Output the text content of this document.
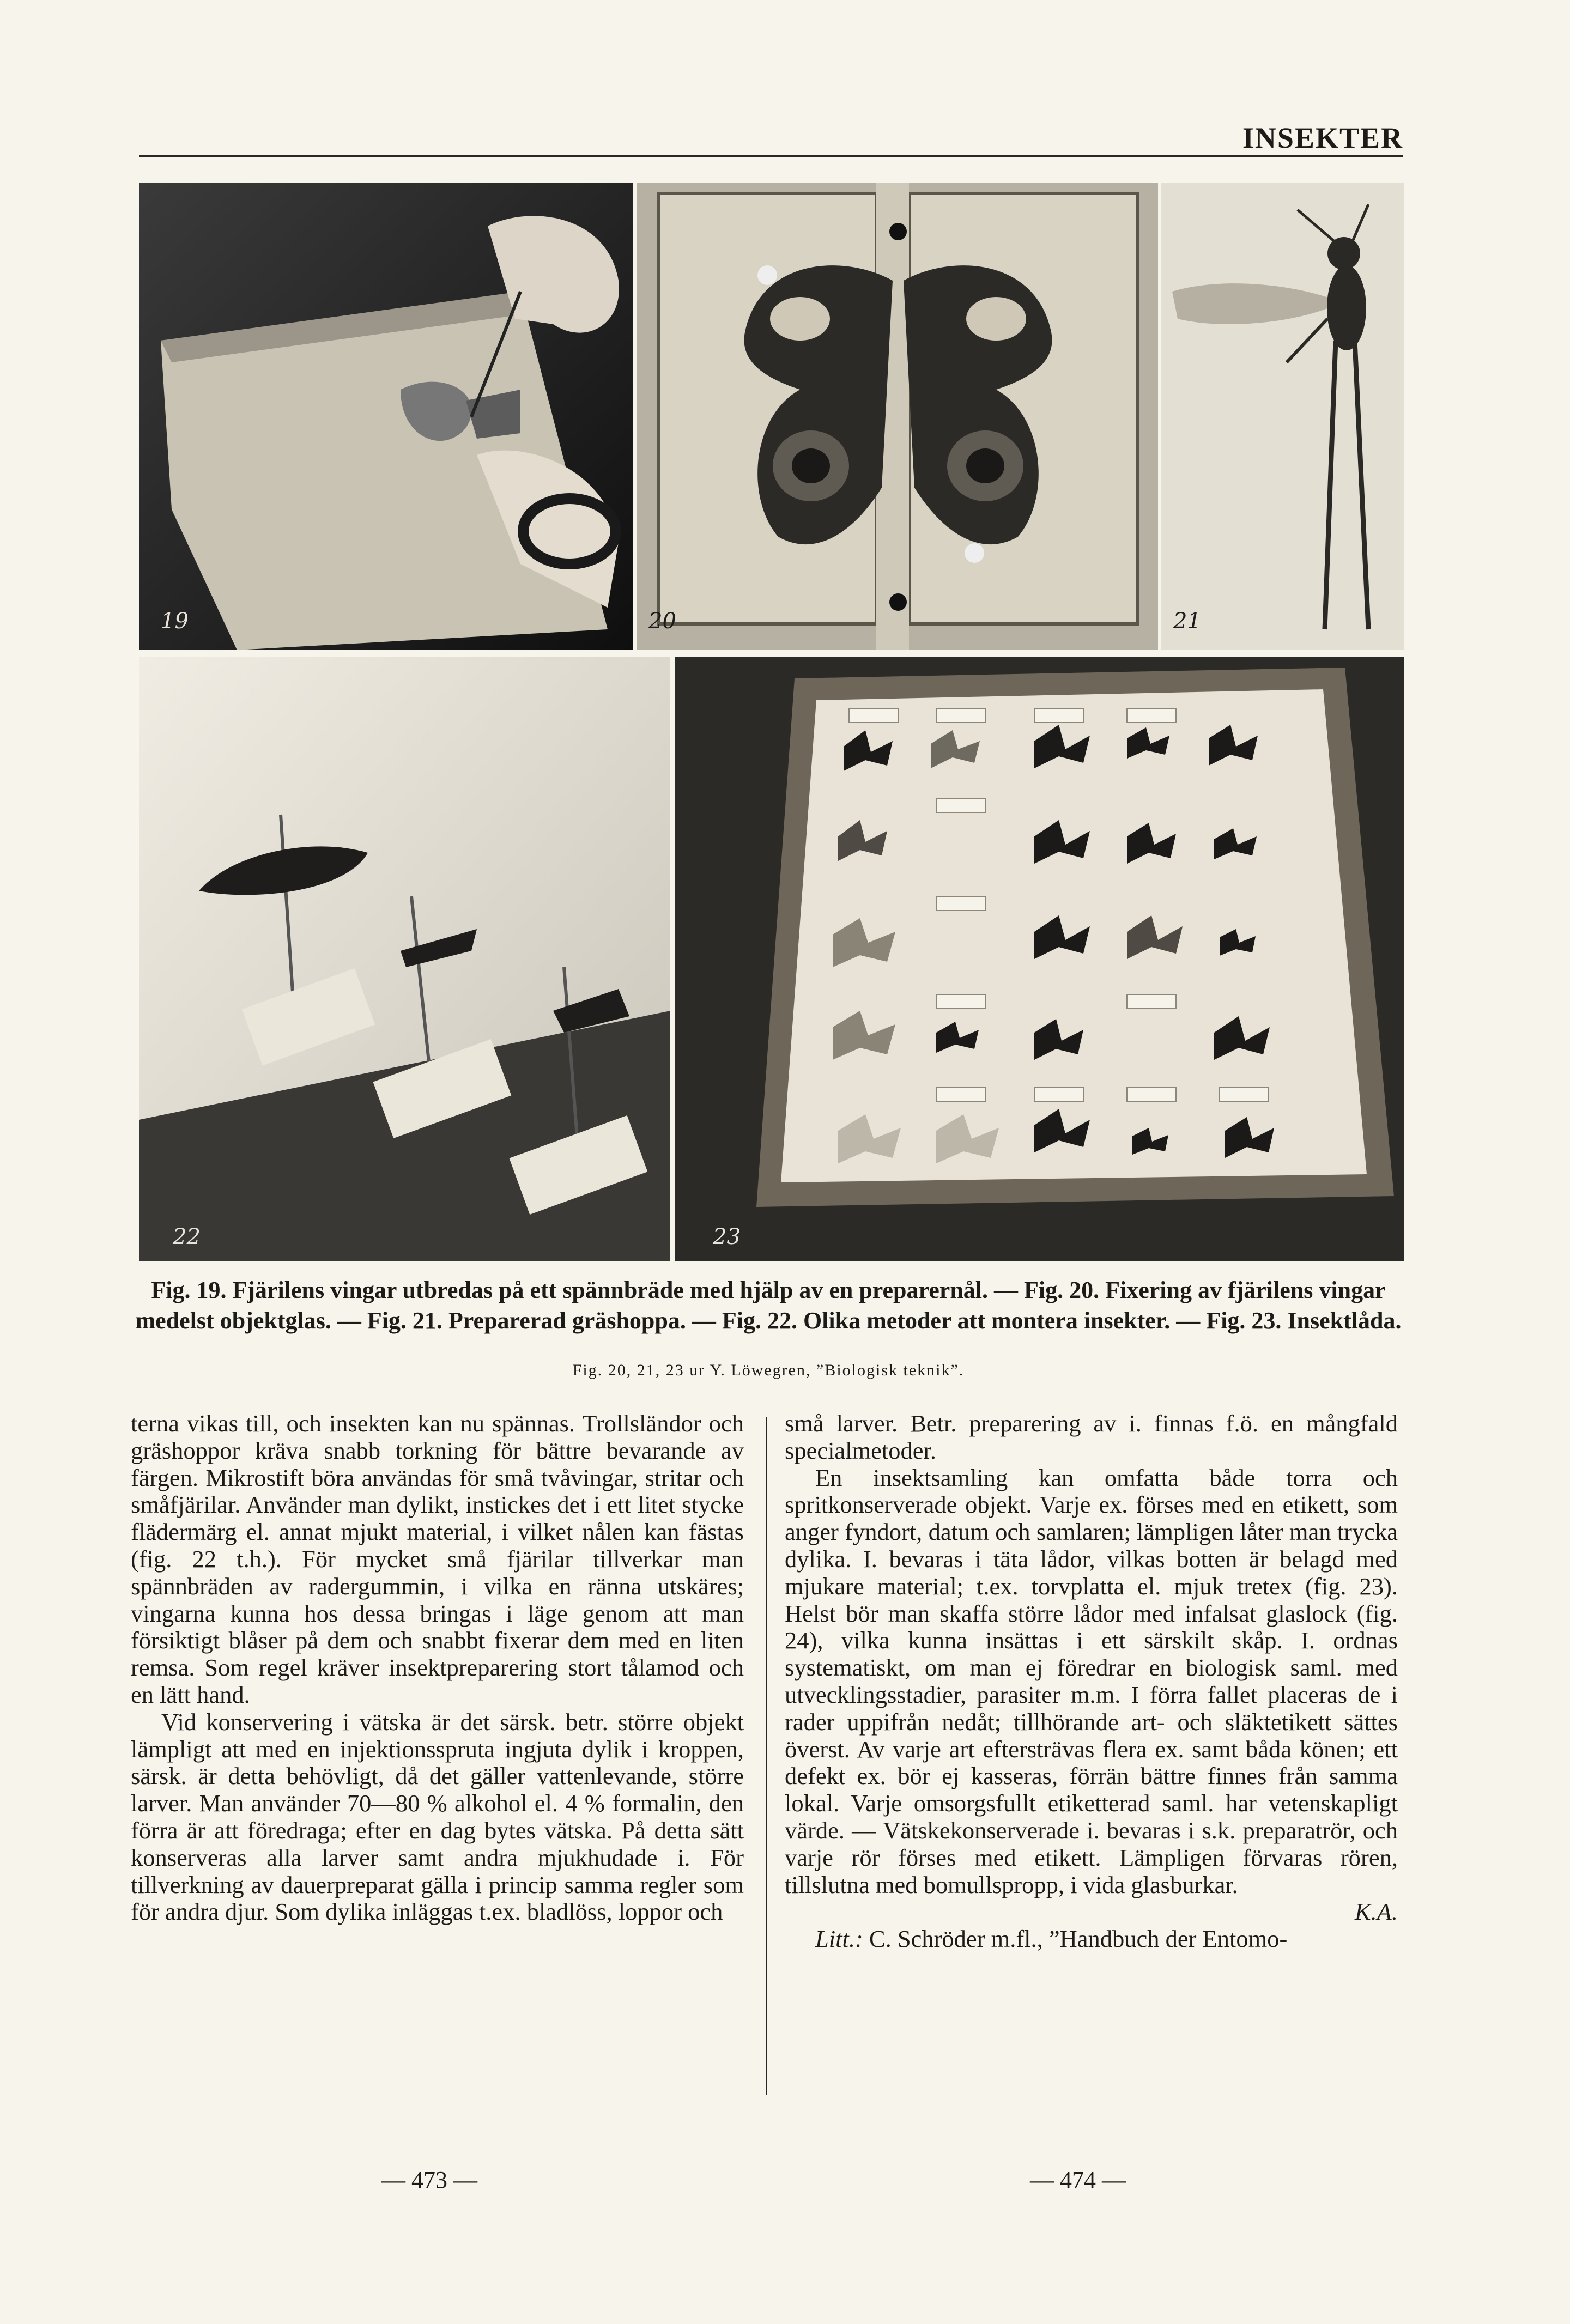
INSEKTER
19	20	21
22	23
Fig. 19. Fjärilens vingar utbredas på ett spännbräde med hjälp av en preparernål. — Fig. 20. Fixering av fjärilens vingar medelst objektglas. — Fig. 21. Preparerad gräshoppa. — Fig. 22. Olika metoder att montera insekter. — Fig. 23. Insektlåda.
Fig. 20, 21, 23 ur Y. Löwegren, ”Biologisk teknik”.

terna vikas till, och insekten kan nu spännas. Trollsländor och gräshoppor kräva snabb torkning för bättre bevarande av färgen. Mikrostift böra användas för små tvåvingar, stritar och småfjärilar. Använder man dylikt, instickes det i ett litet stycke flädermärg el. annat mjukt material, i vilket nålen kan fästas (fig. 22 t.h.). För mycket små fjärilar tillverkar man spännbräden av radergummin, i vilka en ränna utskäres; vingarna kunna hos dessa bringas i läge genom att man försiktigt blåser på dem och snabbt fixerar dem med en liten remsa. Som regel kräver insektpreparering stort tålamod och en lätt hand.

Vid konservering i vätska är det särsk. betr. större objekt lämpligt att med en injektionsspruta ingjuta dylik i kroppen, särsk. är detta behövligt, då det gäller vattenlevande, större larver. Man använder 70—80 % alkohol el. 4 % formalin, den förra är att föredraga; efter en dag bytes vätska. På detta sätt konserveras alla larver samt andra mjukhudade i. För tillverkning av dauerpreparat gälla i princip samma regler som för andra djur. Som dylika inläggas t.ex. bladlöss, loppor och

små larver. Betr. preparering av i. finnas f.ö. en mångfald specialmetoder.

En insektsamling kan omfatta både torra och spritkonserverade objekt. Varje ex. förses med en etikett, som anger fyndort, datum och samlaren; lämpligen låter man trycka dylika. I. bevaras i täta lådor, vilkas botten är belagd med mjukare material; t.ex. torvplatta el. mjuk tretex (fig. 23). Helst bör man skaffa större lådor med infalsat glaslock (fig. 24), vilka kunna insättas i ett särskilt skåp. I. ordnas systematiskt, om man ej föredrar en biologisk saml. med utvecklingsstadier, parasiter m.m. I förra fallet placeras de i rader uppifrån nedåt; tillhörande art- och släktetikett sättes överst. Av varje art eftersträvas flera ex. samt båda könen; ett defekt ex. bör ej kasseras, förrän bättre finnes från samma lokal. Varje omsorgsfullt etiketterad saml. har vetenskapligt värde. — Vätskekonserverade i. bevaras i s.k. preparatrör, och varje rör förses med etikett. Lämpligen förvaras rören, tillslutna med bomullspropp, i vida glasburkar.

K.A.

Litt.: C. Schröder m.fl., ”Handbuch der Entomo-

— 473 —	— 474 —
